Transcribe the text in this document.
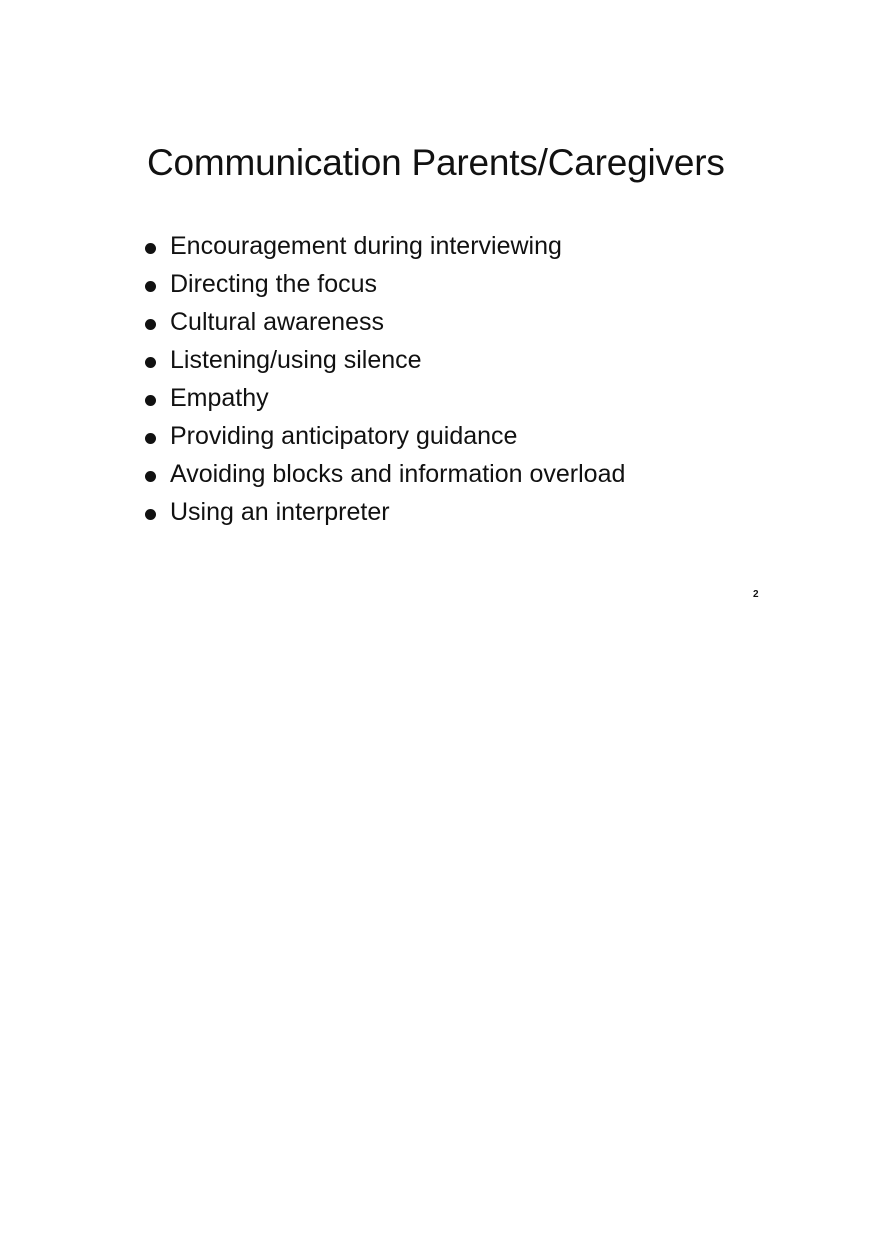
Communication Parents/Caregivers
Encouragement during interviewing
Directing the focus
Cultural awareness
Listening/using silence
Empathy
Providing anticipatory guidance
Avoiding blocks and information overload
Using an interpreter
2
